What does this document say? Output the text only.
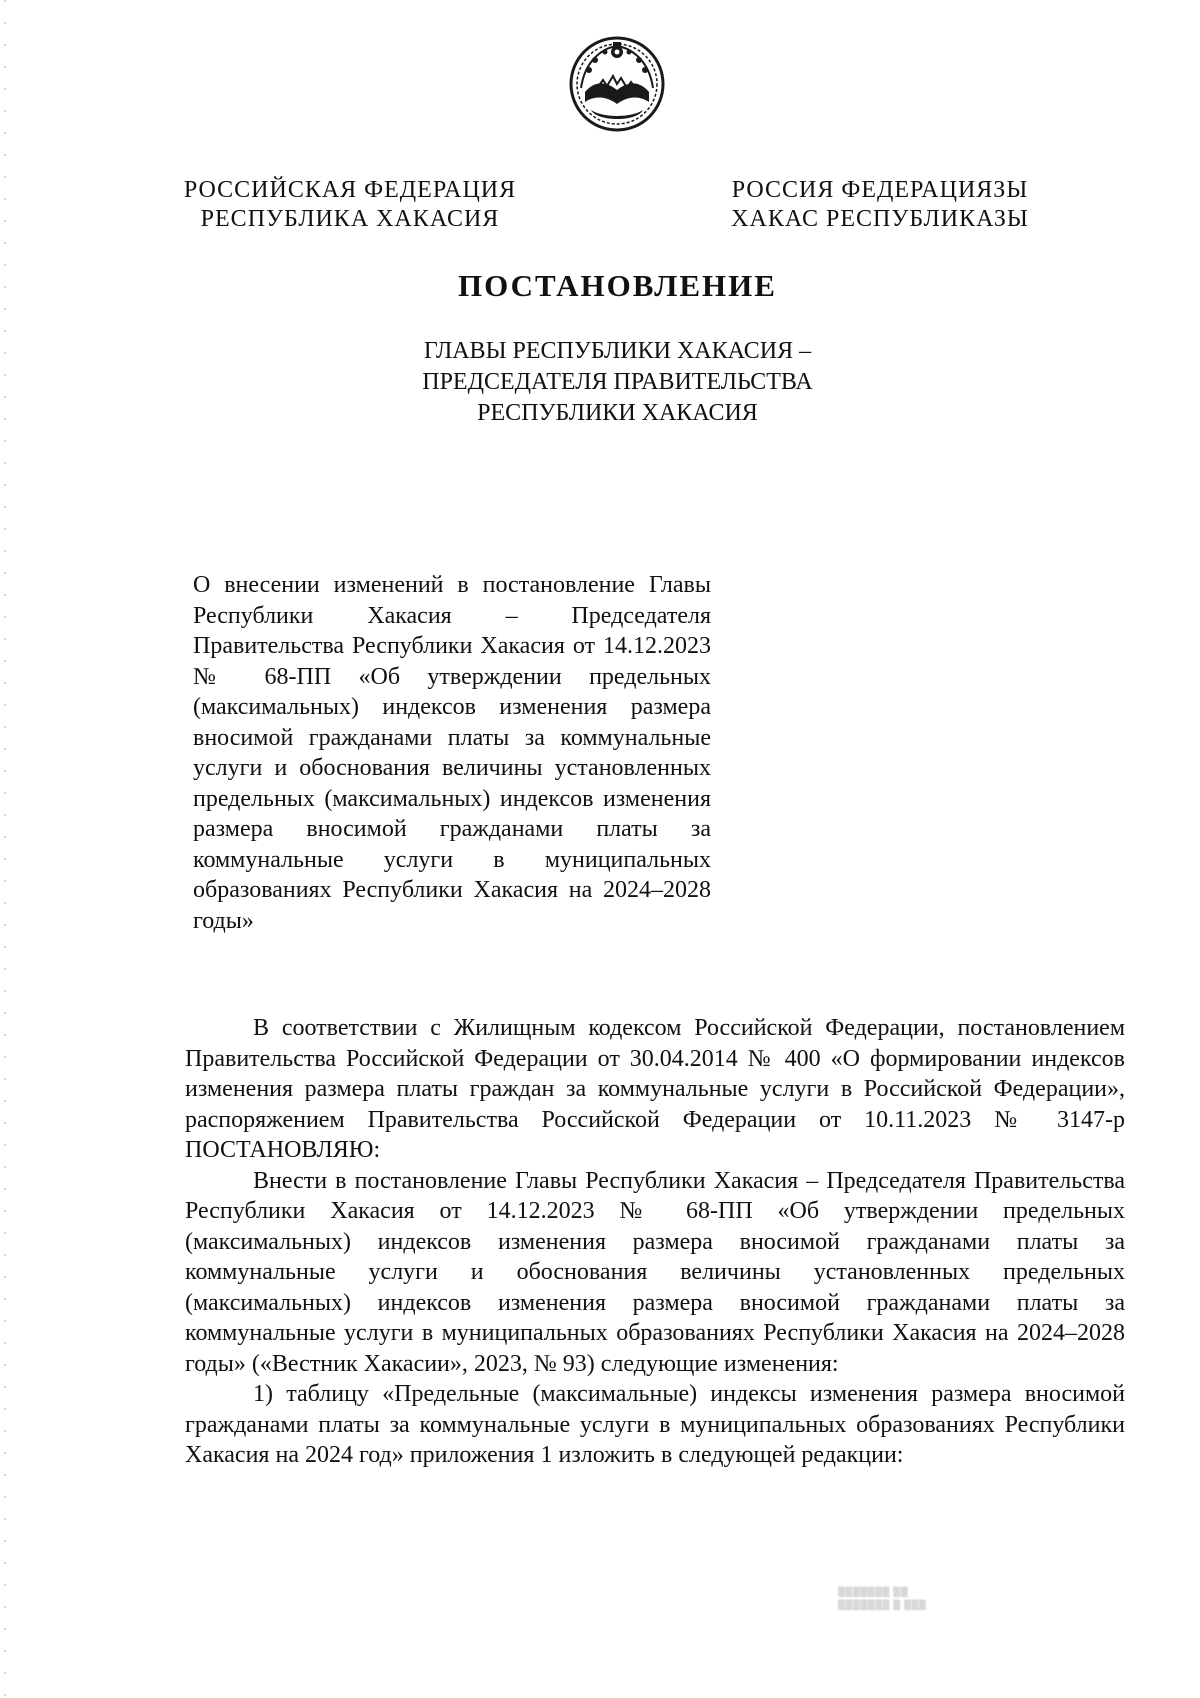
РОССИЙСКАЯ ФЕДЕРАЦИЯ
РЕСПУБЛИКА ХАКАСИЯ
РОССИЯ ФЕДЕРАЦИЯЗЫ
ХАКАС РЕСПУБЛИКАЗЫ
ПОСТАНОВЛЕНИЕ
ГЛАВЫ РЕСПУБЛИКИ ХАКАСИЯ –
ПРЕДСЕДАТЕЛЯ ПРАВИТЕЛЬСТВА
РЕСПУБЛИКИ ХАКАСИЯ
О внесении изменений в постановление Главы Республики Хакасия – Председателя Правительства Республики Хакасия от 14.12.2023 № 68-ПП «Об утверждении предельных (максимальных) индексов изменения размера вносимой гражданами платы за коммунальные услуги и обоснования величины установленных предельных (максимальных) индексов изменения размера вносимой гражданами платы за коммунальные услуги в муниципальных образованиях Республики Хакасия на 2024–2028 годы»

В соответствии с Жилищным кодексом Российской Федерации, постановлением Правительства Российской Федерации от 30.04.2014 № 400 «О формировании индексов изменения размера платы граждан за коммунальные услуги в Российской Федерации», распоряжением Правительства Российской Федерации от 10.11.2023 № 3147-р ПОСТАНОВЛЯЮ:

Внести в постановление Главы Республики Хакасия – Председателя Правительства Республики Хакасия от 14.12.2023 № 68-ПП «Об утверждении предельных (максимальных) индексов изменения размера вносимой гражданами платы за коммунальные услуги и обоснования величины установленных предельных (максимальных) индексов изменения размера вносимой гражданами платы за коммунальные услуги в муниципальных образованиях Республики Хакасия на 2024–2028 годы» («Вестник Хакасии», 2023, № 93) следующие изменения:

1) таблицу «Предельные (максимальные) индексы изменения размера вносимой гражданами платы за коммунальные услуги в муниципальных образованиях Республики Хакасия на 2024 год» приложения 1 изложить в следующей редакции:

▒▒▒▒▒▒▒ ▒▒
▒▒▒▒▒▒▒ ▒ ▒▒▒
